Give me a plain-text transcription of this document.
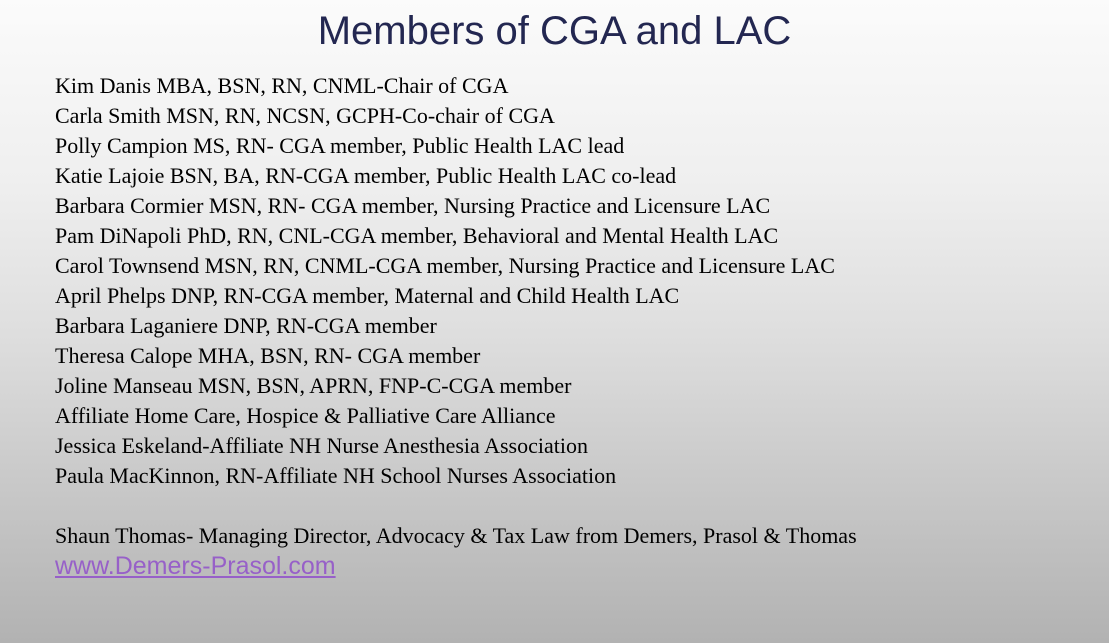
Members of CGA and LAC
Kim Danis MBA, BSN, RN, CNML-Chair of CGA
Carla Smith MSN, RN, NCSN, GCPH-Co-chair of CGA
Polly Campion MS, RN- CGA member, Public Health LAC lead
Katie Lajoie BSN, BA, RN-CGA member, Public Health LAC co-lead
Barbara Cormier MSN, RN- CGA member, Nursing Practice and Licensure LAC
Pam DiNapoli PhD, RN, CNL-CGA member, Behavioral and Mental Health LAC
Carol Townsend MSN, RN, CNML-CGA member, Nursing Practice and Licensure LAC
April Phelps DNP, RN-CGA member, Maternal and Child Health LAC
Barbara Laganiere DNP, RN-CGA member
Theresa Calope MHA, BSN, RN- CGA member
Joline Manseau MSN, BSN, APRN, FNP-C-CGA member
Affiliate Home Care, Hospice & Palliative Care Alliance
Jessica Eskeland-Affiliate NH Nurse Anesthesia Association
Paula MacKinnon, RN-Affiliate NH School Nurses Association
Shaun Thomas- Managing Director, Advocacy & Tax Law from Demers, Prasol & Thomas
www.Demers-Prasol.com
